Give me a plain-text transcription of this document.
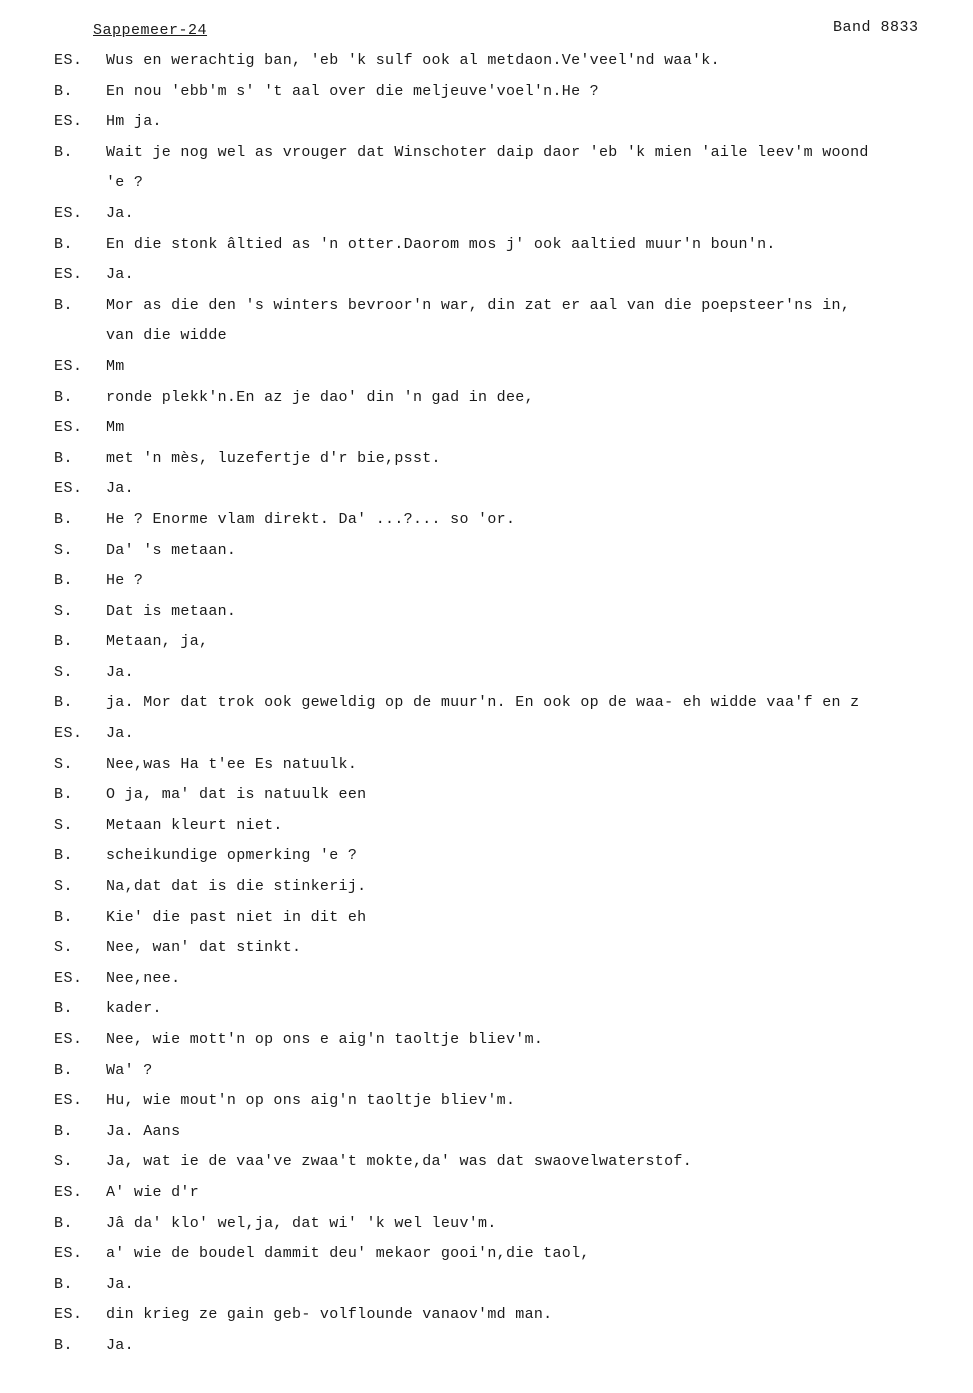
Sappemeer-24	Band 8833
ES. Wus en werachtig ban, 'eb 'k sulf ook al metdaon.Ve'veel'nd waa'k.
B. En nou 'ebb'm s' 't aal over die meljeuve'voel'n.He ?
ES. Hm ja.
B. Wait je nog wel as vrouger dat Winschoter daip daor 'eb 'k mien 'aile leev'm woond
'e ?
ES. Ja.
B. En die stonk âltied as 'n otter.Daorom mos j' ook aaltied muur'n boun'n.
ES. Ja.
B. Mor as die den 's winters bevroor'n war, din zat er aal van die poepsteer'ns in,
van die widde
ES. Mm
B. ronde plekk'n.En az je dao' din 'n gad in dee,
ES. Mm
B. met 'n mès, luzefertje d'r bie,psst.
ES. Ja.
B. He ? Enorme vlam direkt. Da' ...?... so 'or.
S. Da' 's metaan.
B. He ?
S. Dat is metaan.
B. Metaan, ja,
S. Ja.
B. ja. Mor dat trok ook geweldig op de muur'n. En ook op de waa- eh widde vaa'f en z
ES. Ja.
S. Nee,was Ha t'ee Es natuulk.
B. O ja, ma' dat is natuulk een
S. Metaan kleurt niet.
B. scheikundige opmerking 'e ?
S. Na,dat dat is die stinkerij.
B. Kie' die past niet in dit eh
S. Nee, wan' dat stinkt.
ES. Nee,nee.
B. kader.
ES. Nee, wie mott'n op ons e aig'n taoltje bliev'm.
B. Wa' ?
ES. Hu, wie mout'n op ons aig'n taoltje bliev'm.
B. Ja. Aans
S. Ja, wat ie de vaa've zwaa't mokte,da' was dat swaovelwaterstof.
ES. A' wie d'r
B. Jâ da' klo' wel,ja, dat wi' 'k wel leuv'm.
ES. a' wie de boudel dammit deu' mekaor gooi'n,die taol,
B. Ja.
ES. din krieg ze gain geb- volflounde vanaov'md man.
B. Ja.
